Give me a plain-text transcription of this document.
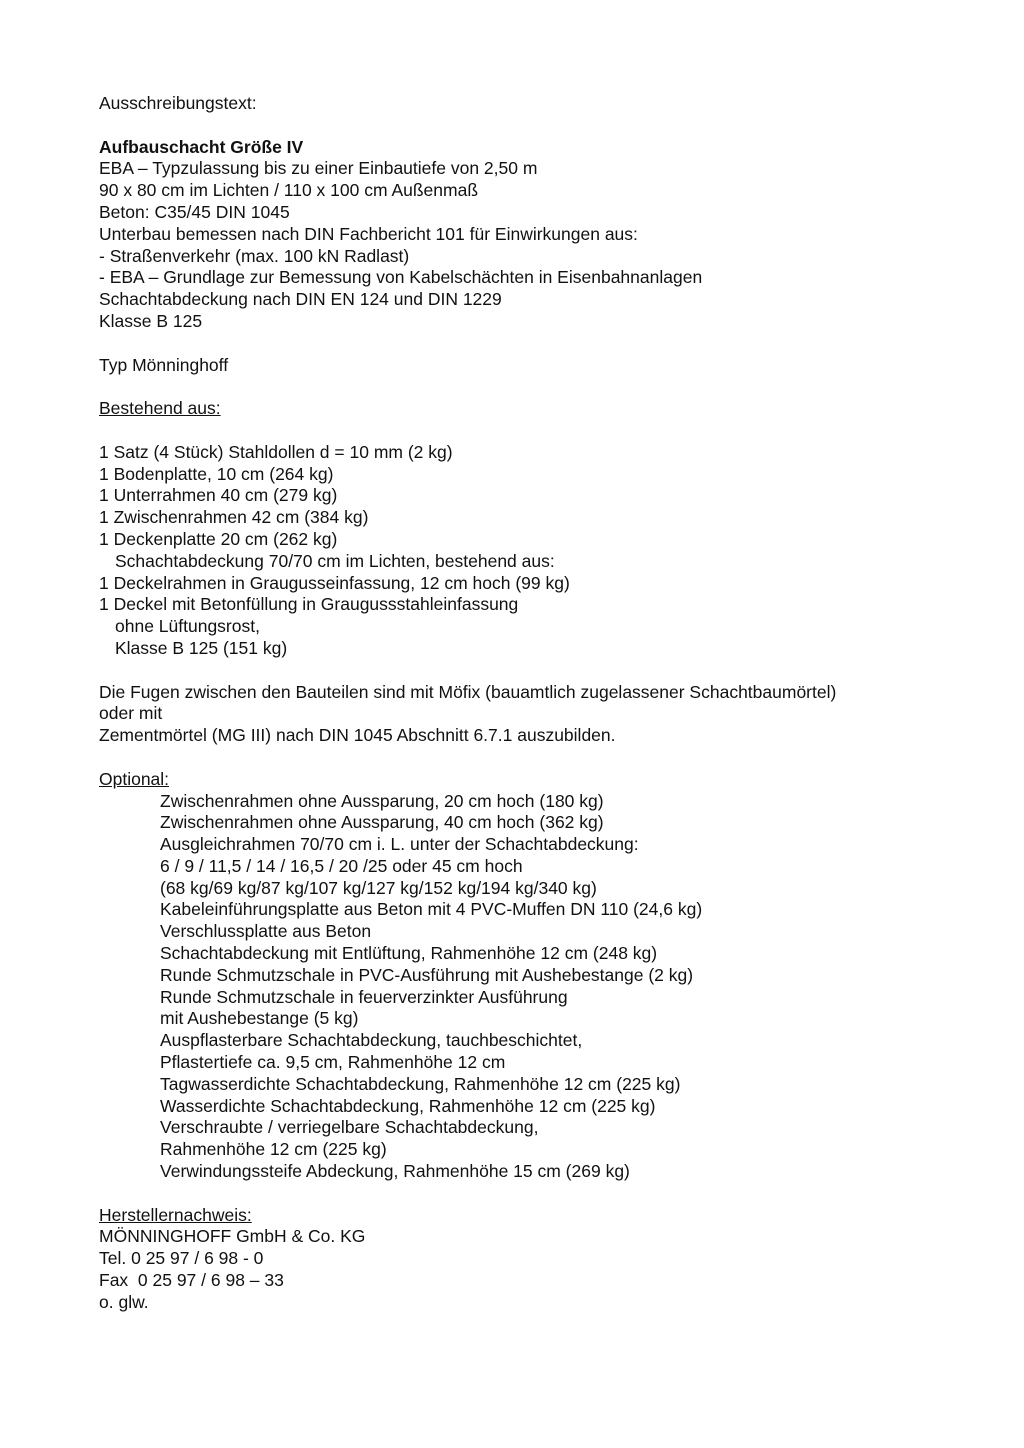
Ausschreibungstext:
Aufbauschacht Größe IV
EBA – Typzulassung bis zu einer Einbautiefe von 2,50 m
90 x 80 cm im Lichten / 110 x 100 cm Außenmaß
Beton: C35/45 DIN 1045
Unterbau bemessen nach DIN Fachbericht 101 für Einwirkungen aus:
- Straßenverkehr (max. 100 kN Radlast)
- EBA – Grundlage zur Bemessung von Kabelschächten in Eisenbahnanlagen
Schachtabdeckung nach DIN EN 124 und DIN 1229
Klasse B 125
Typ Mönninghoff
Bestehend aus:
1 Satz (4 Stück) Stahldollen d = 10 mm (2 kg)
1 Bodenplatte, 10 cm (264 kg)
1 Unterrahmen 40 cm (279 kg)
1 Zwischenrahmen 42 cm (384 kg)
1 Deckenplatte 20 cm (262 kg)
Schachtabdeckung 70/70 cm im Lichten, bestehend aus:
1 Deckelrahmen in Graugusseinfassung, 12 cm hoch (99 kg)
1 Deckel mit Betonfüllung in Graugussstahleinfassung
ohne Lüftungsrost,
Klasse B 125 (151 kg)
Die Fugen zwischen den Bauteilen sind mit Möfix (bauamtlich zugelassener Schachtbaumörtel)
oder mit
Zementmörtel (MG III) nach DIN 1045 Abschnitt 6.7.1 auszubilden.
Optional:
Zwischenrahmen ohne Aussparung, 20 cm hoch (180 kg)
Zwischenrahmen ohne Aussparung, 40 cm hoch (362 kg)
Ausgleichrahmen 70/70 cm i. L. unter der Schachtabdeckung:
6 / 9 / 11,5 / 14 / 16,5 / 20 /25 oder 45 cm hoch
(68 kg/69 kg/87 kg/107 kg/127 kg/152 kg/194 kg/340 kg)
Kabeleinführungsplatte aus Beton mit 4 PVC-Muffen DN 110 (24,6 kg)
Verschlussplatte aus Beton
Schachtabdeckung mit Entlüftung, Rahmenhöhe 12 cm (248 kg)
Runde Schmutzschale in PVC-Ausführung mit Aushebestange (2 kg)
Runde Schmutzschale in feuerverzinkter Ausführung
mit Aushebestange (5 kg)
Auspflasterbare Schachtabdeckung, tauchbeschichtet,
Pflastertiefe ca. 9,5 cm, Rahmenhöhe 12 cm
Tagwasserdichte Schachtabdeckung, Rahmenhöhe 12 cm (225 kg)
Wasserdichte Schachtabdeckung, Rahmenhöhe 12 cm (225 kg)
Verschraubte / verriegelbare Schachtabdeckung,
Rahmenhöhe 12 cm (225 kg)
Verwindungssteife Abdeckung, Rahmenhöhe 15 cm (269 kg)
Herstellernachweis:
MÖNNINGHOFF GmbH & Co. KG
Tel. 0 25 97 / 6 98 - 0
Fax  0 25 97 / 6 98 – 33
o. glw.
